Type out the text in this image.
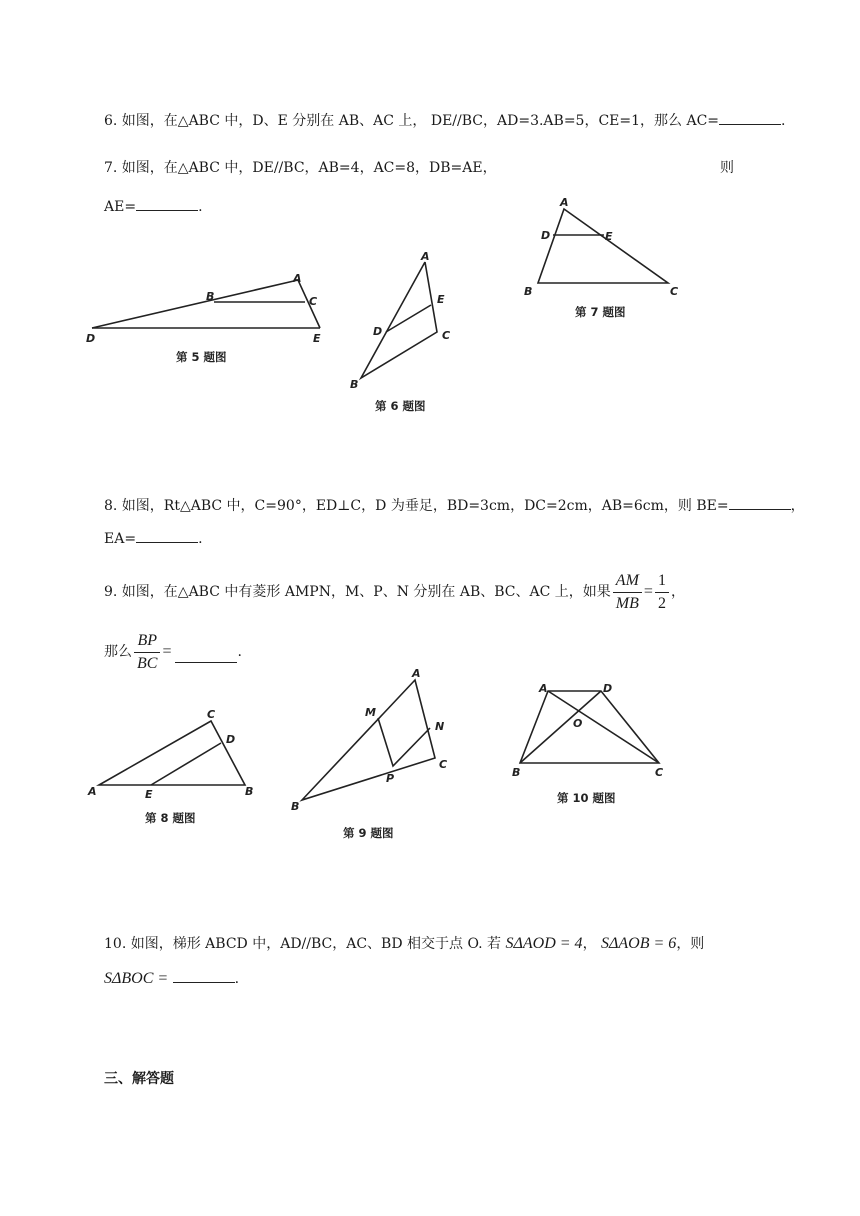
6. 如图，在△ABC 中，D、E 分别在 AB、AC 上， DE//BC，AD=3.AB=5，CE=1，那么 AC=	.
7. 如图，在△ABC 中，DE//BC，AB=4，AC=8，DB=AE，	则
AE=	.
A
B	C
D	E
第 5 题图
A
E
D	C
B
第 6 题图
A
D	E
B	C
第 7 题图
8. 如图，Rt△ABC 中，C=90°，ED⊥C，D 为垂足，BD=3cm，DC=2cm，AB=6cm，则 BE=	，
EA=	.
9. 如图，在△ABC 中有菱形 AMPN，M、P、N 分别在 AB、BC、AC 上，如果 $\frac{AM}{MB} = \frac{1}{2}$ ，
那么 $\frac{BP}{BC}$ =	.
C
D
A	E	B
第 8 题图
A
M
N
P
C
B
第 9 题图
A	D
O
B	C
第 10 题图
10. 如图，梯形 ABCD 中，AD//BC，AC、BD 相交于点 O. 若 SΔAOD = 4， SΔAOB = 6，则
SΔBOC =	.
三、解答题
